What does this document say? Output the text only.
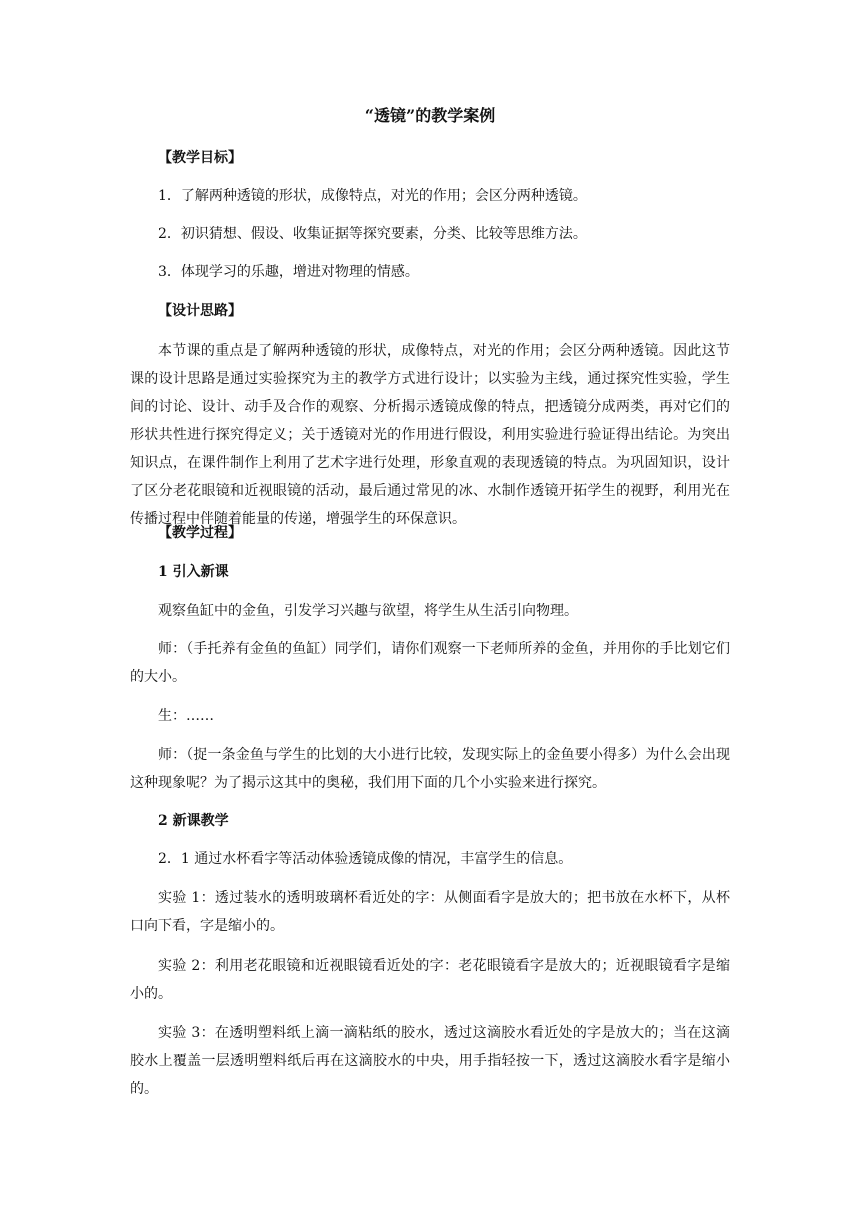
“透镜”的教学案例
【教学目标】
1．了解两种透镜的形状，成像特点，对光的作用；会区分两种透镜。
2．初识猜想、假设、收集证据等探究要素，分类、比较等思维方法。
3．体现学习的乐趣，增进对物理的情感。
【设计思路】
本节课的重点是了解两种透镜的形状，成像特点，对光的作用；会区分两种透镜。因此这节课的设计思路是通过实验探究为主的教学方式进行设计；以实验为主线，通过探究性实验，学生间的讨论、设计、动手及合作的观察、分析揭示透镜成像的特点，把透镜分成两类，再对它们的形状共性进行探究得定义；关于透镜对光的作用进行假设，利用实验进行验证得出结论。为突出知识点，在课件制作上利用了艺术字进行处理，形象直观的表现透镜的特点。为巩固知识，设计了区分老花眼镜和近视眼镜的活动，最后通过常见的冰、水制作透镜开拓学生的视野，利用光在传播过程中伴随着能量的传递，增强学生的环保意识。
【教学过程】
1 引入新课
观察鱼缸中的金鱼，引发学习兴趣与欲望，将学生从生活引向物理。
师：（手托养有金鱼的鱼缸）同学们，请你们观察一下老师所养的金鱼，并用你的手比划它们的大小。
生：……
师：（捉一条金鱼与学生的比划的大小进行比较，发现实际上的金鱼要小得多）为什么会出现这种现象呢？为了揭示这其中的奥秘，我们用下面的几个小实验来进行探究。
2 新课教学
2．1 通过水杯看字等活动体验透镜成像的情况，丰富学生的信息。
实验 1：透过装水的透明玻璃杯看近处的字：从侧面看字是放大的；把书放在水杯下，从杯口向下看，字是缩小的。
实验 2：利用老花眼镜和近视眼镜看近处的字：老花眼镜看字是放大的；近视眼镜看字是缩小的。
实验 3：在透明塑料纸上滴一滴粘纸的胶水，透过这滴胶水看近处的字是放大的；当在这滴胶水上覆盖一层透明塑料纸后再在这滴胶水的中央，用手指轻按一下，透过这滴胶水看字是缩小的。
